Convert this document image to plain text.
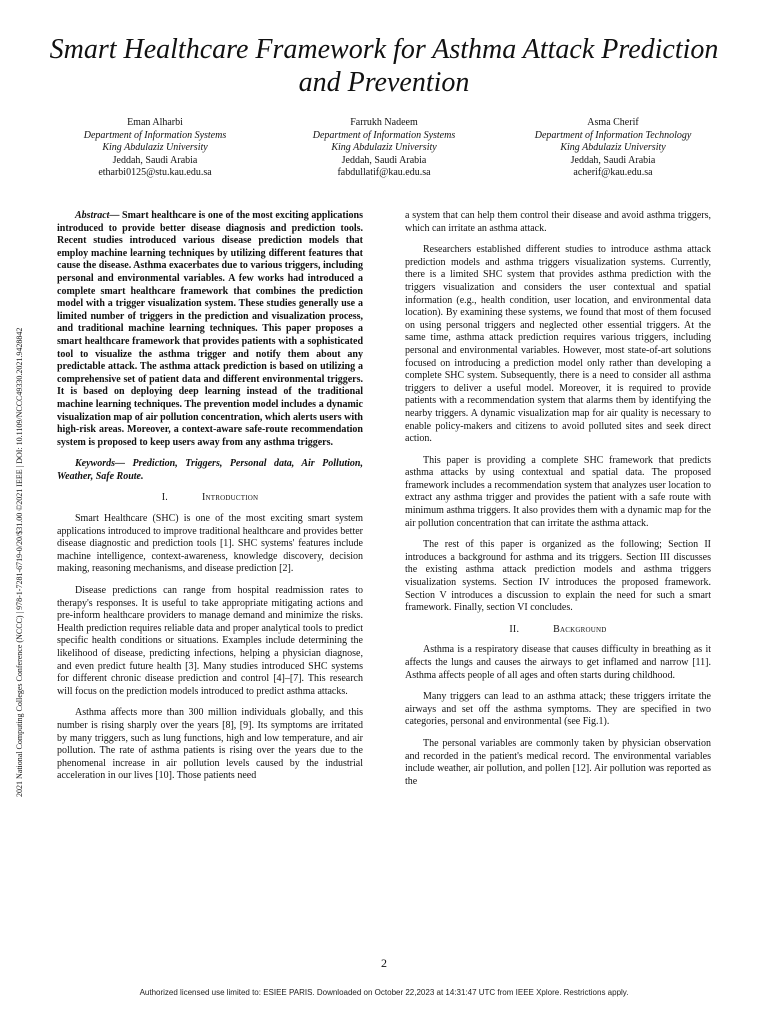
Smart Healthcare Framework for Asthma Attack Prediction and Prevention
Eman Alharbi
Department of Information Systems
King Abdulaziz University
Jeddah, Saudi Arabia
etharbi0125@stu.kau.edu.sa
Farrukh Nadeem
Department of Information Systems
King Abdulaziz University
Jeddah, Saudi Arabia
fabdullatif@kau.edu.sa
Asma Cherif
Department of Information Technology
King Abdulaziz University
Jeddah, Saudi Arabia
acherif@kau.edu.sa
2021 National Computing Colleges Conference (NCCC) | 978-1-7281-6719-0/20/$31.00 ©2021 IEEE | DOI: 10.1109/NCCC49330.2021.9428842

Abstract— Smart healthcare is one of the most exciting applications introduced to provide better disease diagnosis and prediction tools. Recent studies introduced various disease prediction models that employ machine learning techniques by utilizing different features that cause the disease. Asthma exacerbates due to various triggers, including personal and environmental variables. A few works had introduced a complete smart healthcare framework that combines the prediction model with a trigger visualization system. These studies generally use a limited number of triggers in the prediction and visualization process, and traditional machine learning techniques. This paper proposes a smart healthcare framework that provides patients with a sophisticated tool to visualize the asthma trigger and notify them about any predictable attack. The asthma attack prediction is based on utilizing a comprehensive set of patient data and different environmental triggers. It is based on deploying deep learning instead of the traditional machine learning techniques. The prevention model includes a dynamic visualization map of air pollution concentration, which alerts users with high-risk areas. Moreover, a context-aware safe-route recommendation system is proposed to keep users away from any asthma triggers.

Keywords— Prediction, Triggers, Personal data, Air Pollution, Weather, Safe Route.

I.	Introduction

Smart Healthcare (SHC) is one of the most exciting smart system applications introduced to improve traditional healthcare and provides better disease diagnostic and prediction tools [1]. SHC systems' features include machine intelligence, context-awareness, knowledge discovery, decision making, reasoning mechanisms, and disease prediction [2].

Disease predictions can range from hospital readmission rates to therapy's responses. It is useful to take appropriate mitigating actions and pre-inform healthcare providers to manage demand and minimize the risks. Health prediction requires reliable data and proper analytical tools to predict specific health conditions or situations. Examples include determining the likelihood of disease, predicting infections, helping a physician diagnose, and even predict future health [3]. Many studies introduced SHC systems for different chronic disease prediction and control [4]–[7]. This research will focus on the prediction models introduced to predict asthma attacks.

Asthma affects more than 300 million individuals globally, and this number is rising sharply over the years [8], [9]. Its symptoms are irritated by many triggers, such as lung functions, high and low temperature, and air pollution. The rate of asthma patients is rising over the years due to the phenomenal increase in air pollution levels caused by the industrial acceleration in our lives [10]. Those patients need

a system that can help them control their disease and avoid asthma triggers, which can irritate an asthma attack.

Researchers established different studies to introduce asthma attack prediction models and asthma triggers visualization systems. Currently, there is a limited SHC system that provides asthma prediction with the triggers visualization and considers the user contextual and spatial information (e.g., health condition, user location, and environmental data location). By examining these systems, we found that most of them focused on using personal triggers and neglected other essential triggers. At the same time, asthma attack prediction requires various triggers, including personal and environmental variables. However, most state-of-art solutions focused on introducing a prediction model only rather than developing a complete SHC system. Subsequently, there is a need to consider all asthma triggers to deliver a useful model. Moreover, it is required to provide patients with a recommendation system that alarms them by identifying the nearby triggers. A dynamic visualization map for air quality is necessary to enable policy-makers and citizens to avoid polluted sites and seek direct action.

This paper is providing a complete SHC framework that predicts asthma attacks by using contextual and spatial data. The proposed framework includes a recommendation system that analyzes user location to extract any asthma trigger and provides the patient with a safe route with minimum asthma triggers. It also provides them with a dynamic map for the air pollution concentration that can irritate the asthma attack.

The rest of this paper is organized as the following; Section II introduces a background for asthma and its triggers. Section III discusses the existing asthma attack prediction models and asthma triggers visualization systems. Section IV introduces the proposed framework. Section V introduces a discussion to explain the need for such a smart framework. Finally, section VI concludes.

II.	Background

Asthma is a respiratory disease that causes difficulty in breathing as it affects the lungs and causes the airways to get inflamed and narrow [11]. Asthma affects people of all ages and often starts during childhood.

Many triggers can lead to an asthma attack; these triggers irritate the airways and set off the asthma symptoms. They are specified in two categories, personal and environmental (see Fig.1).

The personal variables are commonly taken by physician observation and recorded in the patient's medical record. The environmental variables include weather, air pollution, and pollen [12]. Air pollution was reported as the

2
Authorized licensed use limited to: ESIEE PARIS. Downloaded on October 22,2023 at 14:31:47 UTC from IEEE Xplore. Restrictions apply.
